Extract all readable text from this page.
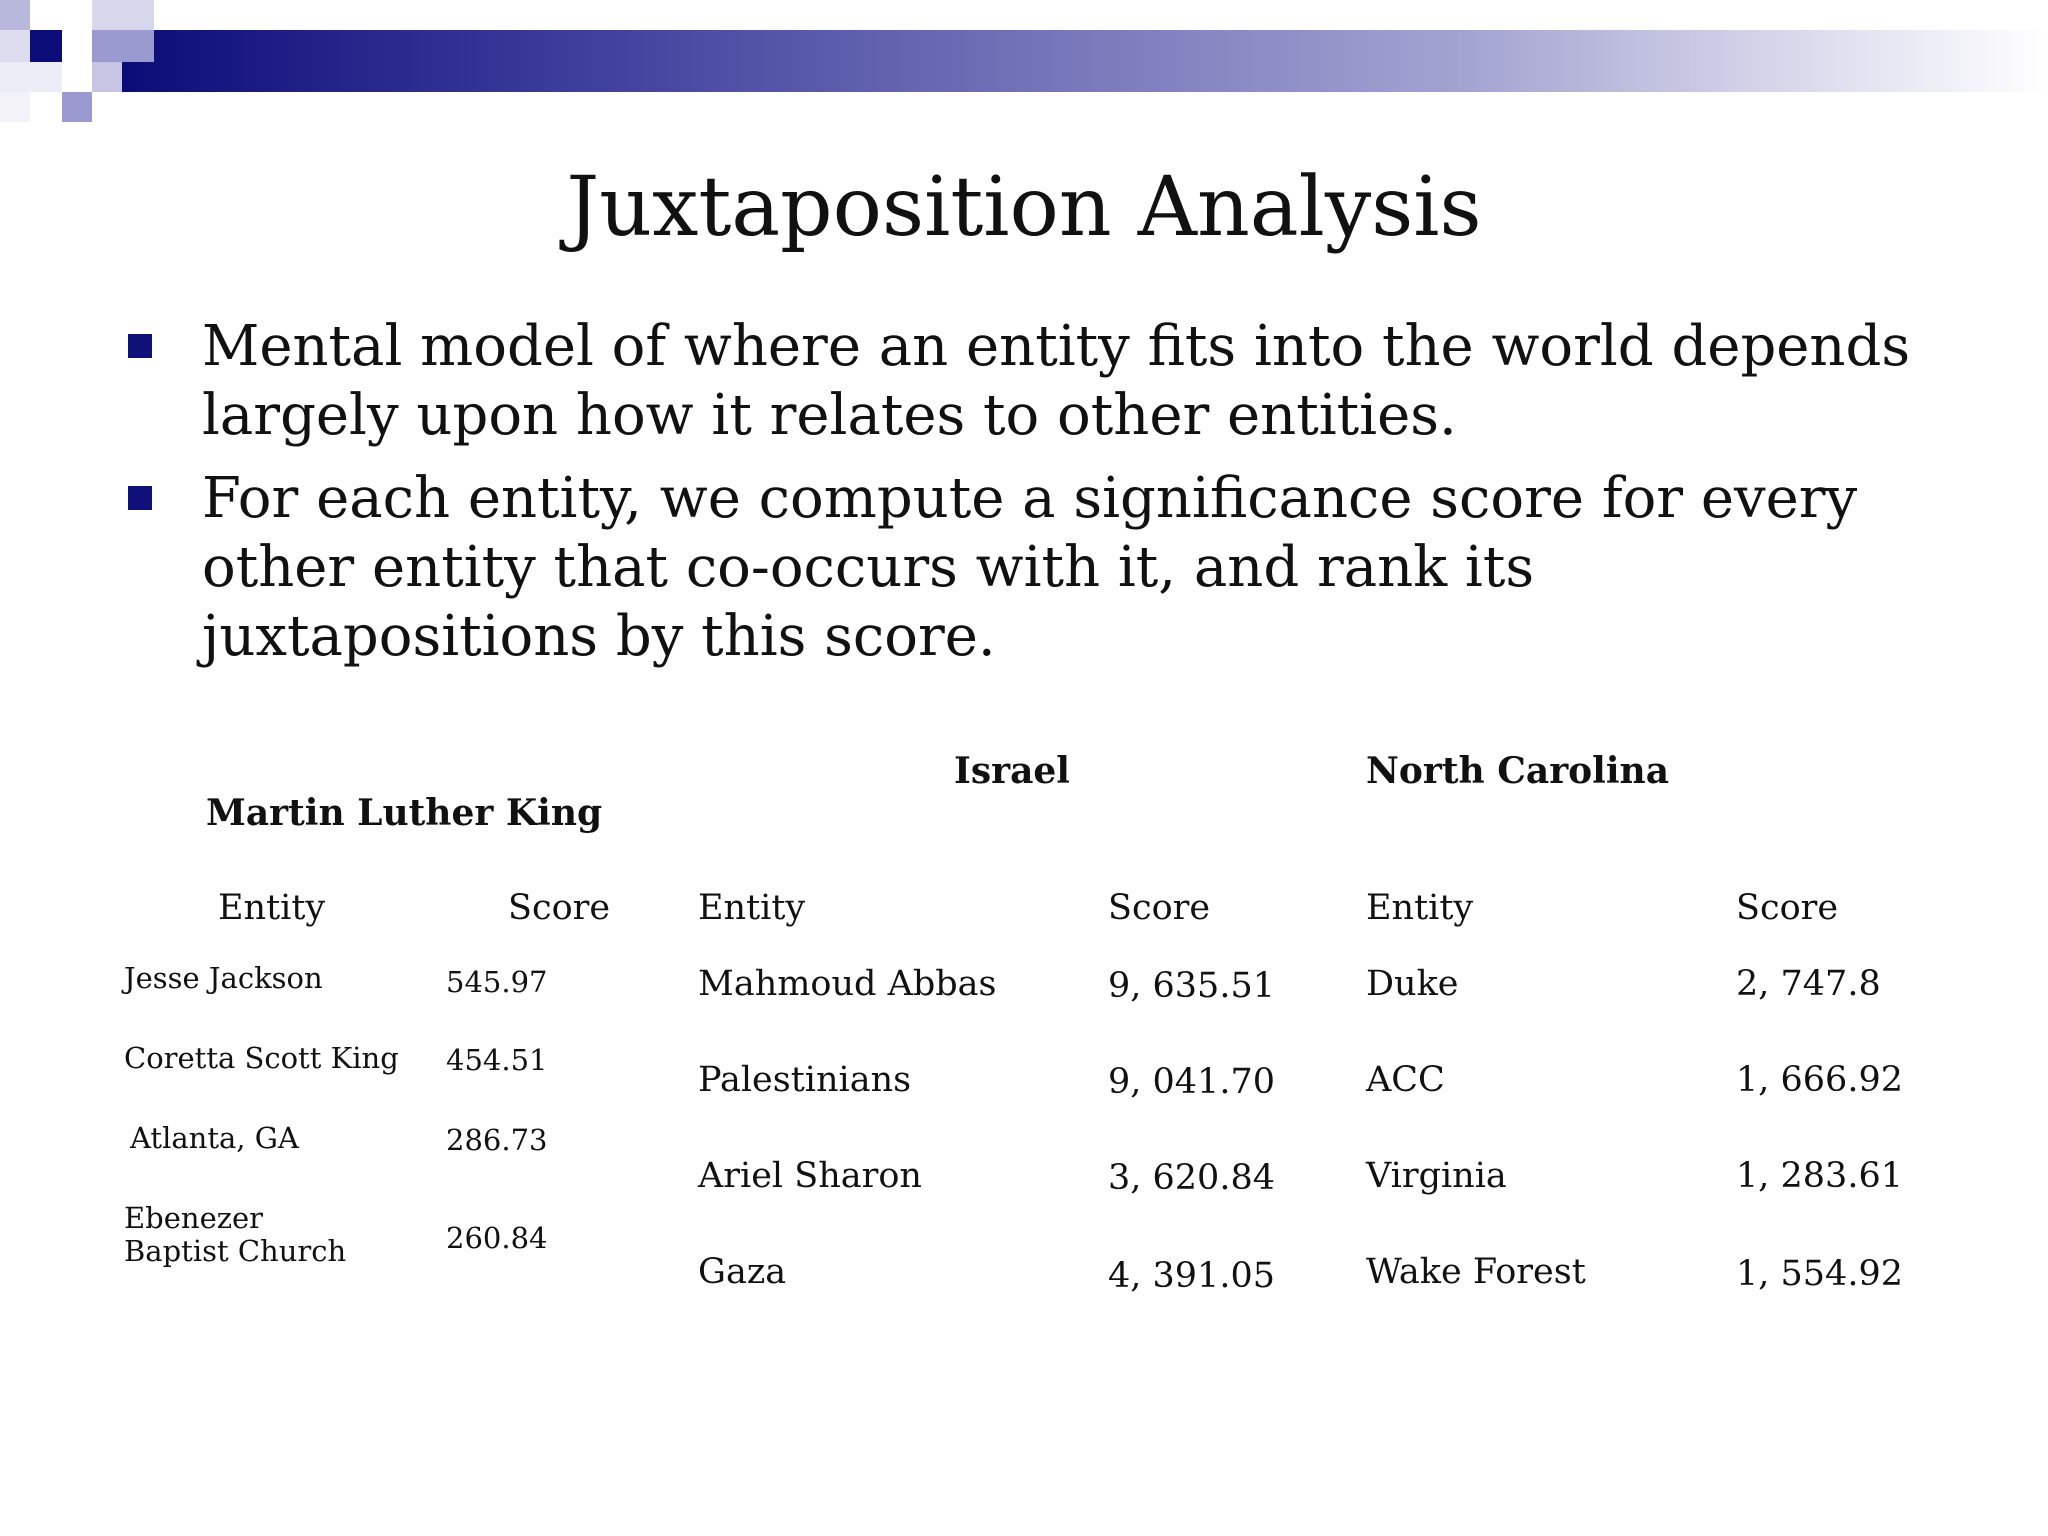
Juxtaposition Analysis
Mental model of where an entity fits into the world depends largely upon how it relates to other entities.
For each entity, we compute a significance score for every other entity that co-occurs with it, and rank its juxtapositions by this score.
Martin Luther King
Entity	Score
Jesse Jackson	545.97
Coretta Scott King 454.51
Atlanta, GA	286.73
Ebenezer Baptist Church	260.84
Israel
Entity	Score
Mahmoud Abbas	9, 635.51
Palestinians	9, 041.70
Ariel Sharon	3, 620.84
Gaza	4, 391.05
North Carolina
Entity	Score
Duke	2, 747.8
ACC	1, 666.92
Virginia	1, 283.61
Wake Forest	1, 554.92
